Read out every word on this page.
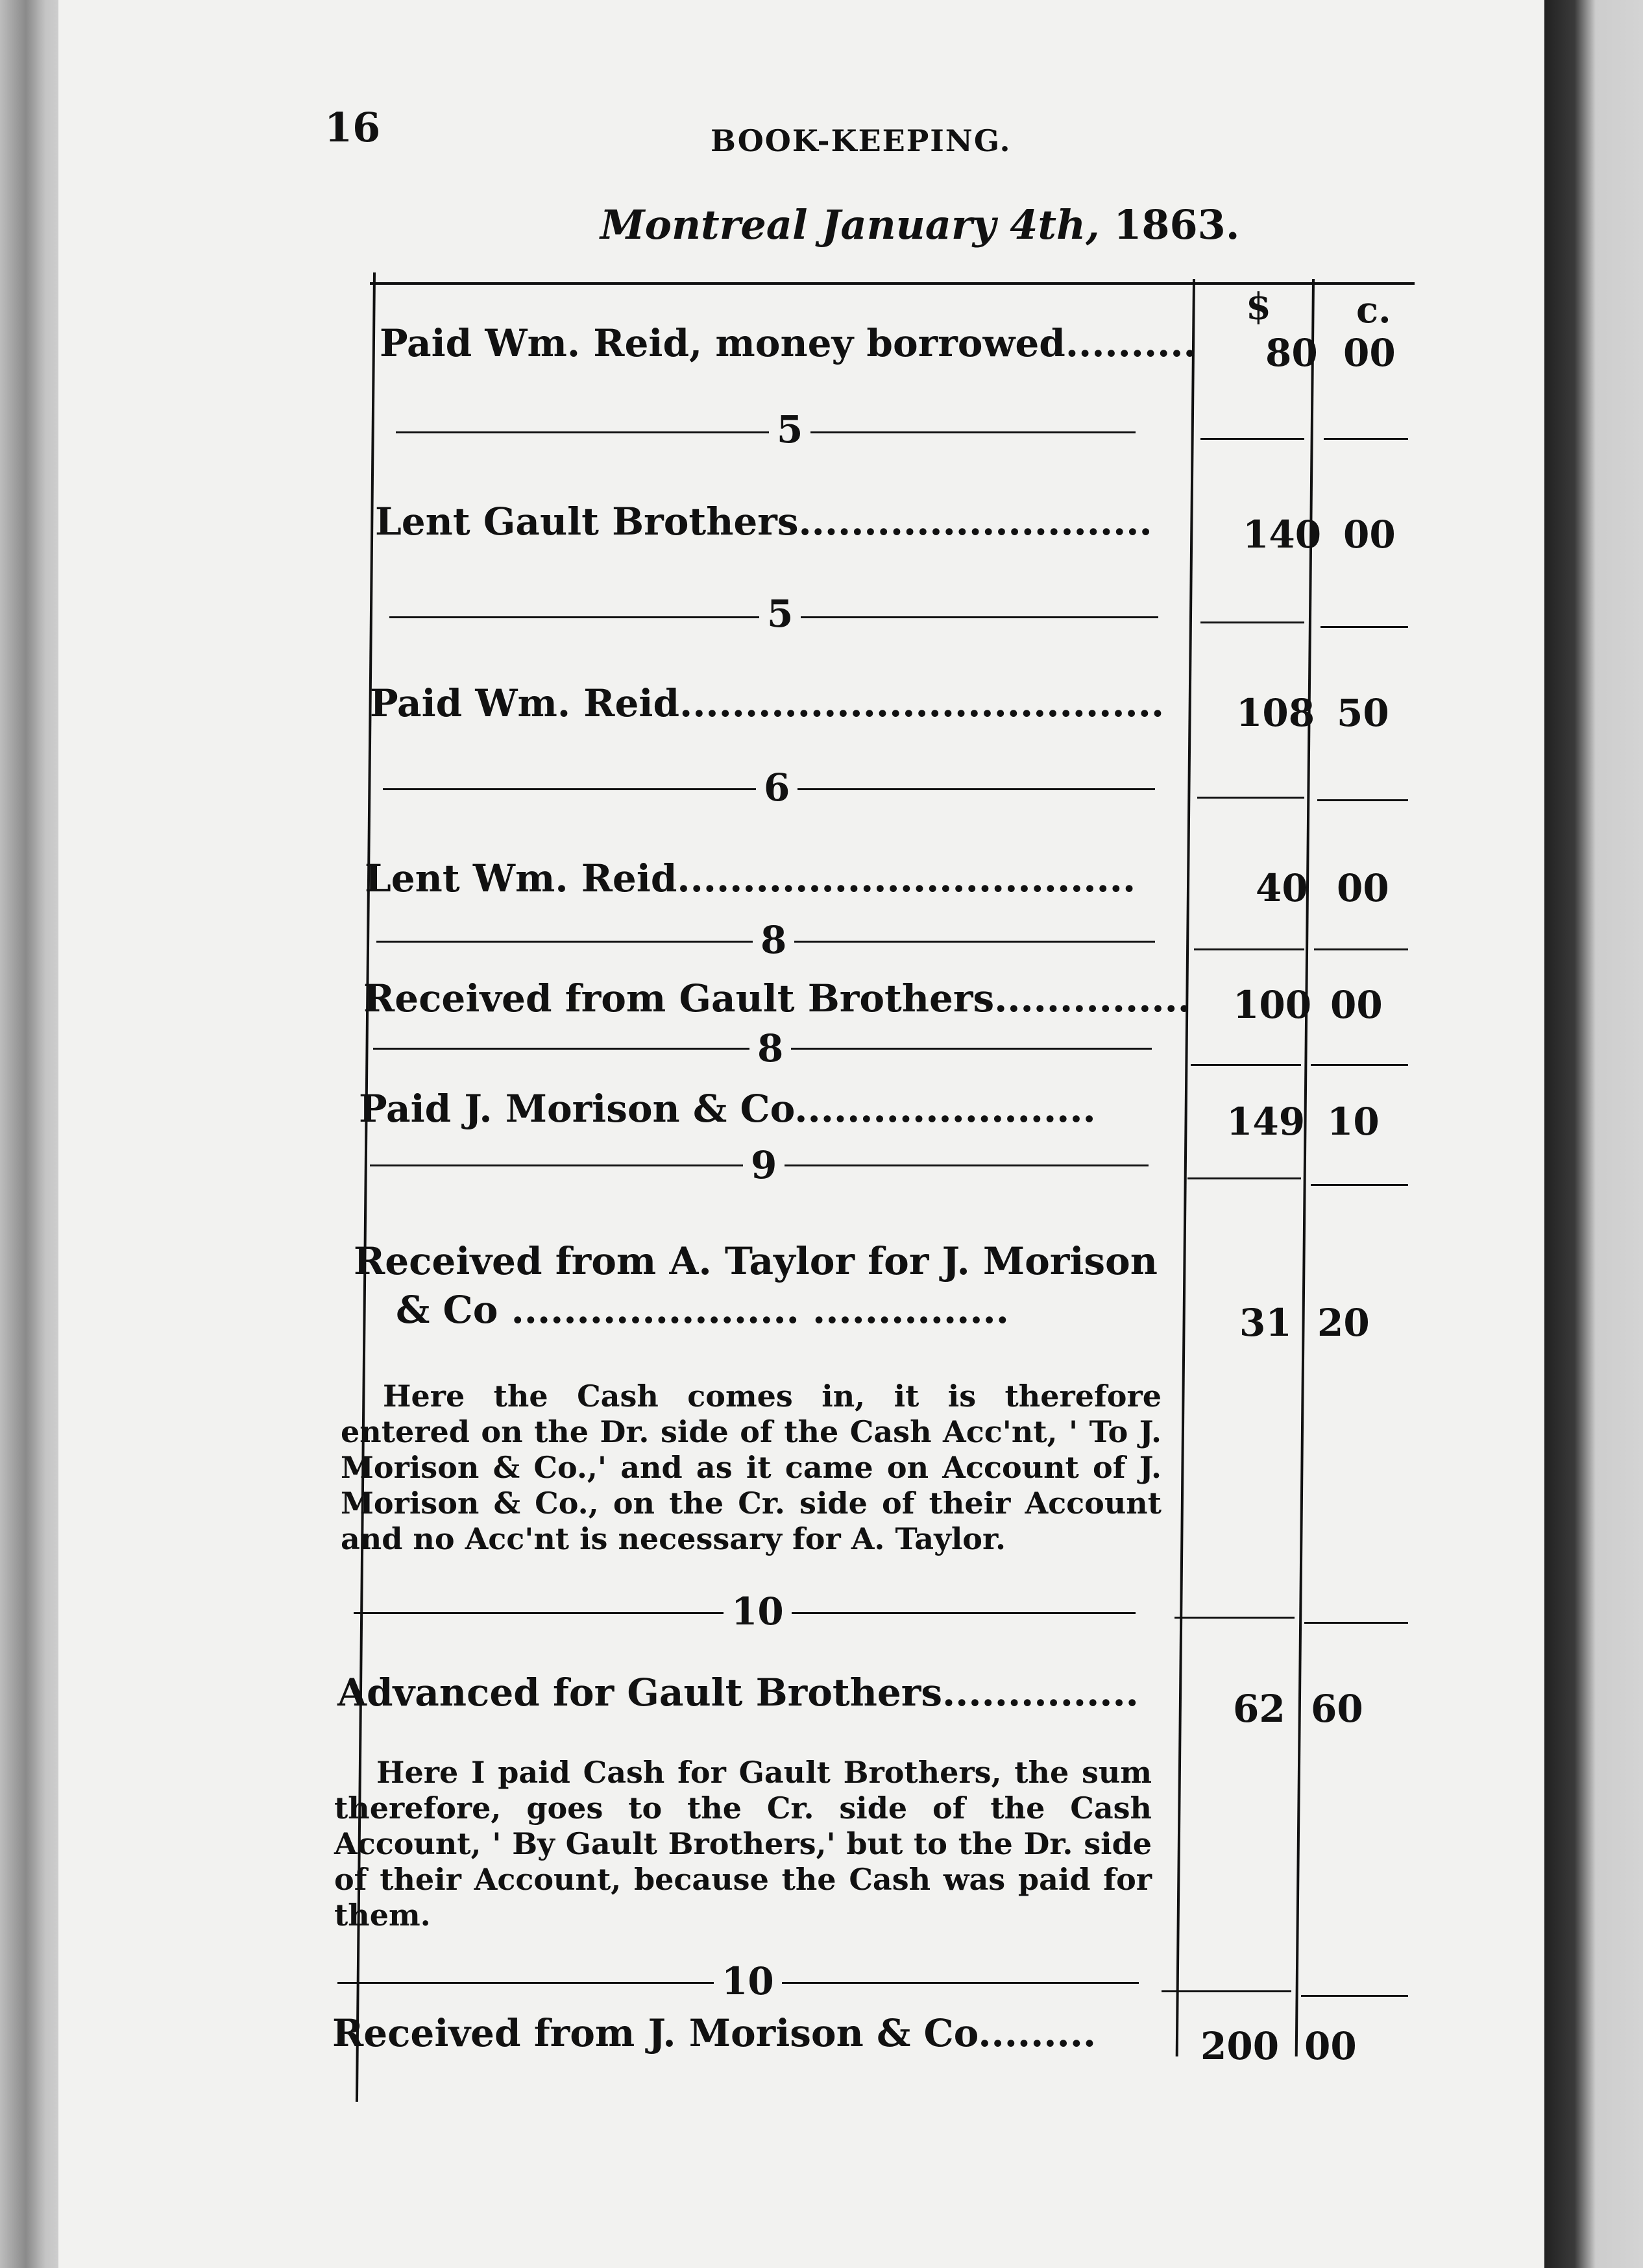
16	BOOK-KEEPING.
Montreal January 4th, 1863.
$ c.
Paid Wm. Reid, money borrowed.......... 80 00
5
Lent Gault Brothers........................... 140 00
5
Paid Wm. Reid..................................... 108 50
6
Lent Wm. Reid...................................	40 00
8
Received from Gault Brothers............... 100 00
8
Paid J. Morison & Co.......................	149 10
9
Received from A. Taylor for J. Morison
& Co ...................... ...............	31 20
Here the Cash comes in, it is therefore entered on the Dr. side of the Cash Acc'nt, ' To J. Morison & Co.,' and as it came on Account of J. Morison & Co., on the Cr. side of their Account and no Acc'nt is necessary for A. Taylor.
10
Advanced for Gault Brothers...............	62 60
Here I paid Cash for Gault Brothers, the sum therefore, goes to the Cr. side of the Cash Account, ' By Gault Brothers,' but to the Dr. side of their Account, because the Cash was paid for them.
10
Received from J. Morison & Co.........	200 00
